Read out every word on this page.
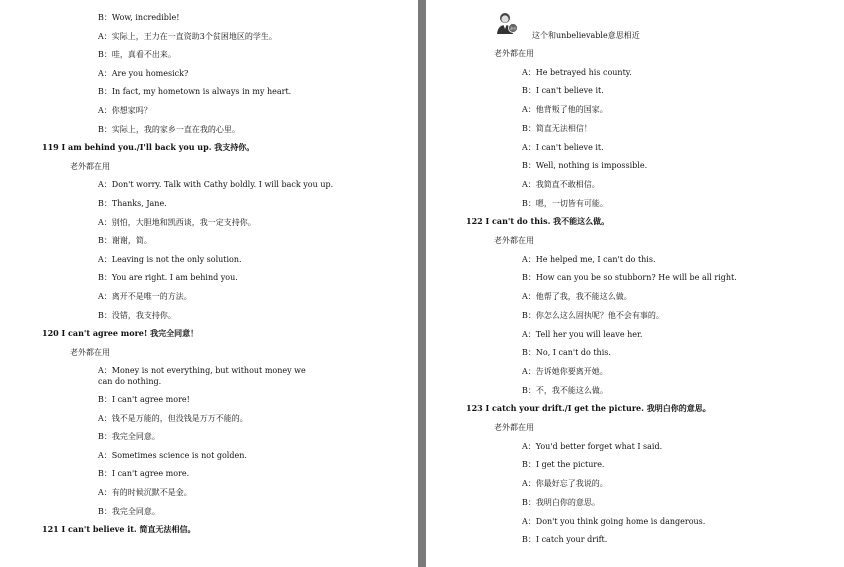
B：Wow, incredible!
A：实际上，王力在一直资助3个贫困地区的学生。
B：哇，真看不出来。
A：Are you homesick?
B：In fact, my hometown is always in my heart.
A：你想家吗？
B：实际上，我的家乡一直在我的心里。
119 I am behind you./I'll back you up. 我支持你。
老外都在用
A：Don't worry. Talk with Cathy boldly. I will back you up.
B：Thanks, Jane.
A：别怕，大胆地和凯西谈，我一定支持你。
B：谢谢，简。
A：Leaving is not the only solution.
B：You are right. I am behind you.
A：离开不是唯一的方法。
B：没错，我支持你。
120 I can't agree more! 我完全同意！
老外都在用
A：Money is not everything, but without money we can do nothing.
B：I can't agree more!
A：钱不是万能的，但没钱是万万不能的。
B：我完全同意。
A：Sometimes science is not golden.
B：I can't agree more.
A：有的时候沉默不是金。
B：我完全同意。
121 I can't believe it. 简直无法相信。
老外
这个和unbelievable意思相近
老外都在用
A：He betrayed his county.
B：I can't believe it.
A：他背叛了他的国家。
B：简直无法相信！
A：I can't believe it.
B：Well, nothing is impossible.
A：我简直不敢相信。
B：嗯，一切皆有可能。
122 I can't do this. 我不能这么做。
老外都在用
A：He helped me, I can't do this.
B：How can you be so stubborn? He will be all right.
A：他帮了我，我不能这么做。
B：你怎么这么固执呢？他不会有事的。
A：Tell her you will leave her.
B：No, I can't do this.
A：告诉她你要离开她。
B：不，我不能这么做。
123 I catch your drift./I get the picture. 我明白你的意思。
老外都在用
A：You'd better forget what I said.
B：I get the picture.
A：你最好忘了我说的。
B：我明白你的意思。
A：Don't you think going home is dangerous.
B：I catch your drift.
